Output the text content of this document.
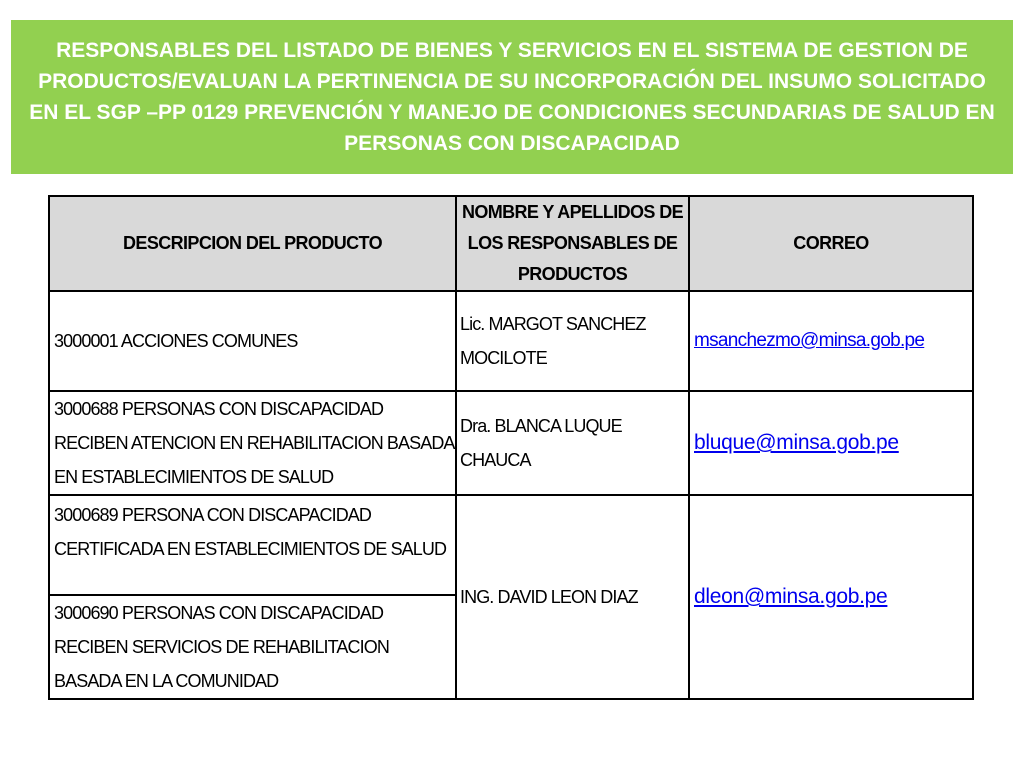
RESPONSABLES DEL LISTADO DE BIENES Y SERVICIOS EN EL SISTEMA DE GESTION DE PRODUCTOS/EVALUAN LA PERTINENCIA DE SU INCORPORACIÓN DEL INSUMO SOLICITADO EN EL SGP –PP 0129 PREVENCIÓN Y MANEJO DE CONDICIONES SECUNDARIAS DE SALUD EN PERSONAS CON DISCAPACIDAD
DESCRIPCION DEL PRODUCTO	NOMBRE Y APELLIDOS DE LOS RESPONSABLES DE PRODUCTOS	CORREO
3000001 ACCIONES COMUNES	Lic. MARGOT SANCHEZ MOCILOTE	msanchezmo@minsa.gob.pe
3000688 PERSONAS CON DISCAPACIDAD RECIBEN ATENCION EN REHABILITACION BASADA EN ESTABLECIMIENTOS DE SALUD	Dra. BLANCA LUQUE CHAUCA	bluque@minsa.gob.pe
3000689 PERSONA CON DISCAPACIDAD CERTIFICADA EN ESTABLECIMIENTOS DE SALUD	ING. DAVID LEON DIAZ	dleon@minsa.gob.pe
3000690 PERSONAS CON DISCAPACIDAD RECIBEN SERVICIOS DE REHABILITACION BASADA EN LA COMUNIDAD		
